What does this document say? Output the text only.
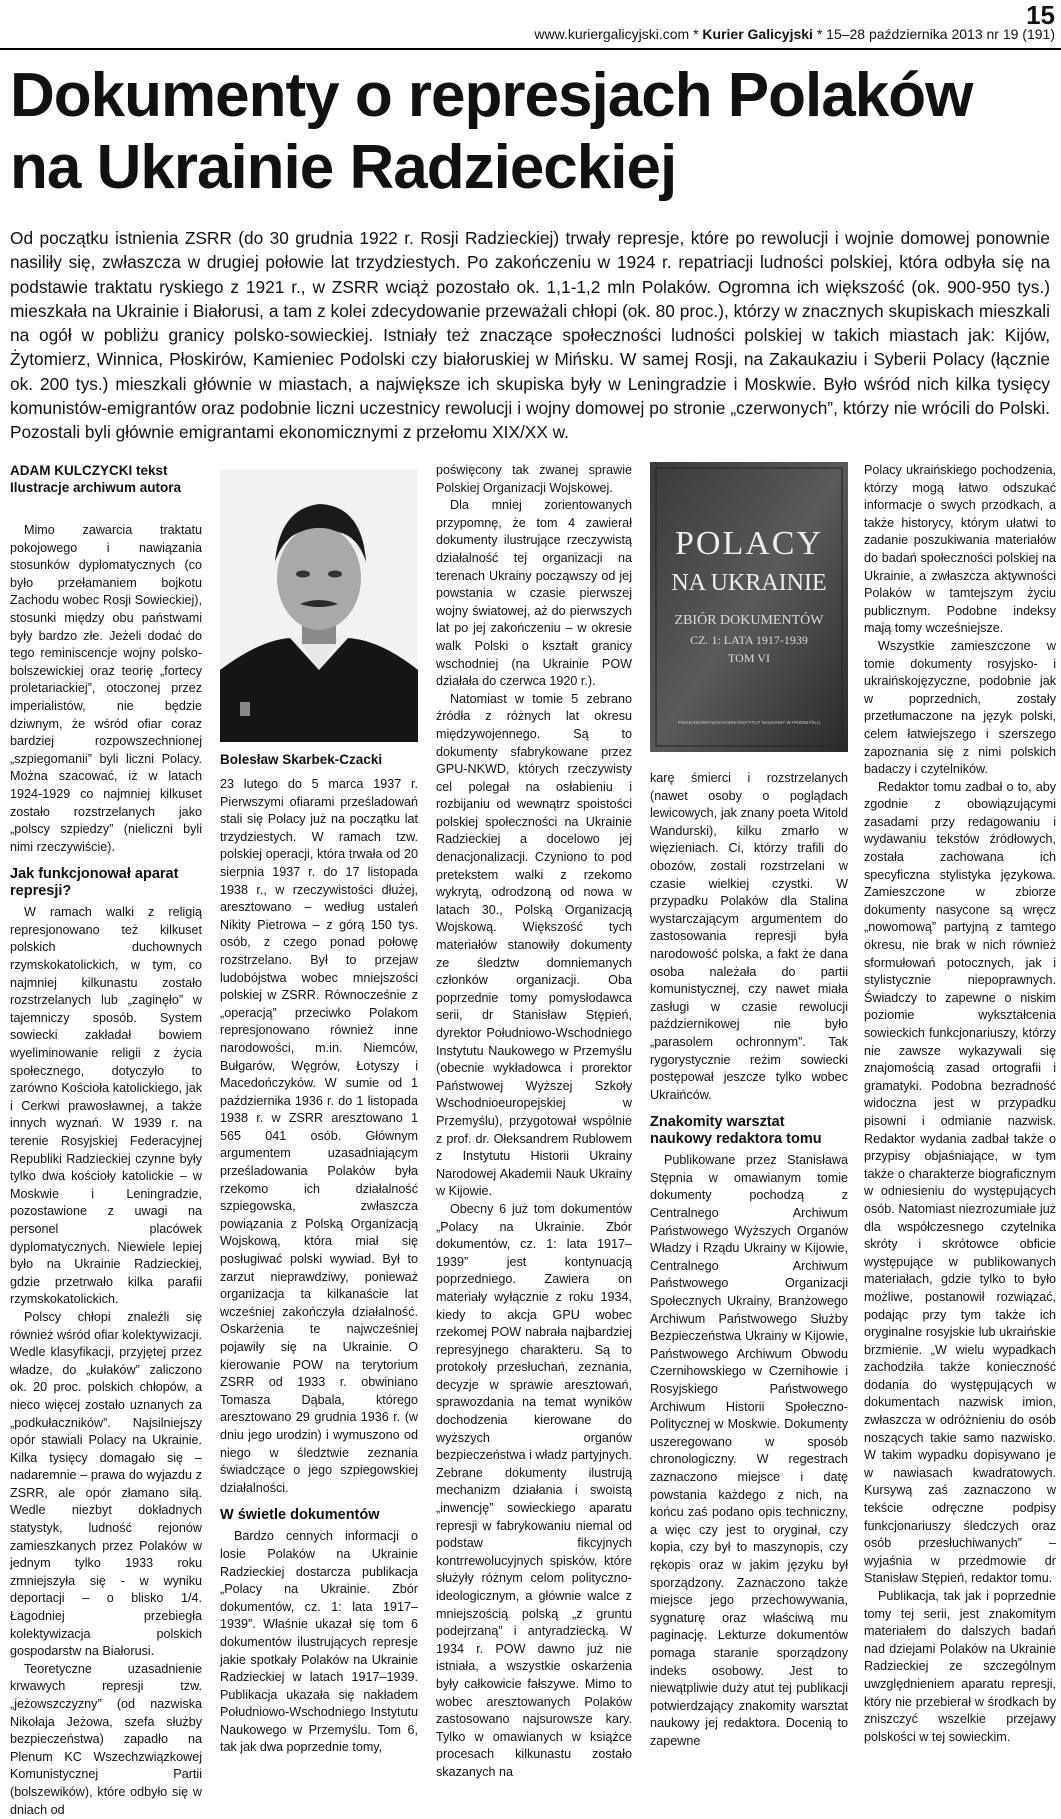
15
www.kuriergalicyjski.com * Kurier Galicyjski * 15–28 października 2013 nr 19 (191)
Dokumenty o represjach Polaków na Ukrainie Radzieckiej

Od początku istnienia ZSRR (do 30 grudnia 1922 r. Rosji Radzieckiej) trwały represje, które po rewolucji i wojnie domowej ponownie nasiliły się, zwłaszcza w drugiej połowie lat trzydziestych. Po zakończeniu w 1924 r. repatriacji ludności polskiej, która odbyła się na podstawie traktatu ryskiego z 1921 r., w ZSRR wciąż pozostało ok. 1,1-1,2 mln Polaków. Ogromna ich większość (ok. 900-950 tys.) mieszkała na Ukrainie i Białorusi, a tam z kolei zdecydowanie przeważali chłopi (ok. 80 proc.), którzy w znacznych skupiskach mieszkali na ogół w pobliżu granicy polsko-sowieckiej. Istniały też znaczące społeczności ludności polskiej w takich miastach jak: Kijów, Żytomierz, Winnica, Płoskirów, Kamieniec Podolski czy białoruskiej w Mińsku. W samej Rosji, na Zakaukaziu i Syberii Polacy (łącznie ok. 200 tys.) mieszkali głównie w miastach, a największe ich skupiska były w Leningradzie i Moskwie. Było wśród nich kilka tysięcy komunistów-emigrantów oraz podobnie liczni uczestnicy rewolucji i wojny domowej po stronie „czerwonych”, którzy nie wrócili do Polski. Pozostali byli głównie emigrantami ekonomicznymi z przełomu XIX/XX w.

ADAM KULCZYCKI tekst
Ilustracje archiwum autora

Mimo zawarcia traktatu pokojowego i nawiązania stosunków dyplomatycznych (co było przełamaniem bojkotu Zachodu wobec Rosji Sowieckiej), stosunki między obu państwami były bardzo złe. Jeżeli dodać do tego reminiscencje wojny polsko-bolszewickiej oraz teorię „fortecy proletariackiej”, otoczonej przez imperialistów, nie będzie dziwnym, że wśród ofiar coraz bardziej rozpowszechnionej „szpiegomanii” byli liczni Polacy. Można szacować, iż w latach 1924-1929 co najmniej kilkuset zostało rozstrzelanych jako „polscy szpiedzy” (nieliczni byli nimi rzeczywiście).

Jak funkcjonował aparat represji?

W ramach walki z religią represjonowano też kilkuset polskich duchownych rzymskokatolickich, w tym, co najmniej kilkunastu zostało rozstrzelanych lub „zaginęło” w tajemniczy sposób. System sowiecki zakładał bowiem wyeliminowanie religii z życia społecznego, dotyczyło to zarówno Kościoła katolickiego, jak i Cerkwi prawosławnej, a także innych wyznań. W 1939 r. na terenie Rosyjskiej Federacyjnej Republiki Radzieckiej czynne były tylko dwa kościoły katolickie – w Moskwie i Leningradzie, pozostawione z uwagi na personel placówek dyplomatycznych. Niewiele lepiej było na Ukrainie Radzieckiej, gdzie przetrwało kilka parafii rzymskokatolickich.

Polscy chłopi znaleźli się również wśród ofiar kolektywizacji. Wedle klasyfikacji, przyjętej przez władze, do „kułaków” zaliczono ok. 20 proc. polskich chłopów, a nieco więcej zostało uznanych za „podkułaczników”. Najsilniejszy opór stawiali Polacy na Ukrainie. Kilka tysięcy domagało się – nadaremnie – prawa do wyjazdu z ZSRR, ale opór złamano siłą. Wedle niezbyt dokładnych statystyk, ludność rejonów zamieszkanych przez Polaków w jednym tylko 1933 roku zmniejszyła się - w wyniku deportacji – o blisko 1/4. Łagodniej przebiegła kolektywizacja polskich gospodarstw na Białorusi.

Teoretyczne uzasadnienie krwawych represji tzw. „jeżowszczyzny” (od nazwiska Nikołaja Jeżowa, szefa służby bezpieczeństwa) zapadło na Plenum KC Wszechzwiązkowej Komunistycznej Partii (bolszewików), które odbyło się w dniach od

Bolesław Skarbek-Czacki

23 lutego do 5 marca 1937 r. Pierwszymi ofiarami prześladowań stali się Polacy już na początku lat trzydziestych. W ramach tzw. polskiej operacji, która trwała od 20 sierpnia 1937 r. do 17 listopada 1938 r., w rzeczywistości dłużej, aresztowano – według ustaleń Nikity Pietrowa – z górą 150 tys. osób, z czego ponad połowę rozstrzelano. Był to przejaw ludobójstwa wobec mniejszości polskiej w ZSRR. Równocześnie z „operacją” przeciwko Polakom represjonowano również inne narodowości, m.in. Niemców, Bułgarów, Węgrów, Łotyszy i Macedończyków. W sumie od 1 października 1936 r. do 1 listopada 1938 r. w ZSRR aresztowano 1 565 041 osób. Głównym argumentem uzasadniającym prześladowania Polaków była rzekomo ich działalność szpiegowska, zwłaszcza powiązania z Polską Organizacją Wojskową, która miał się posługiwać polski wywiad. Był to zarzut nieprawdziwy, ponieważ organizacja ta kilkanaście lat wcześniej zakończyła działalność. Oskarżenia te najwcześniej pojawiły się na Ukrainie. O kierowanie POW na terytorium ZSRR od 1933 r. obwiniano Tomasza Dąbala, którego aresztowano 29 grudnia 1936 r. (w dniu jego urodzin) i wymuszono od niego w śledztwie zeznania świadczące o jego szpiegowskiej działalności.

W świetle dokumentów

Bardzo cennych informacji o losie Polaków na Ukrainie Radzieckiej dostarcza publikacja „Polacy na Ukrainie. Zbór dokumentów, cz. 1: lata 1917–1939”. Właśnie ukazał się tom 6 dokumentów ilustrujących represje jakie spotkały Polaków na Ukrainie Radzieckiej w latach 1917–1939. Publikacja ukazała się nakładem Południowo-Wschodniego Instytutu Naukowego w Przemyślu. Tom 6, tak jak dwa poprzednie tomy,

poświęcony tak zwanej sprawie Polskiej Organizacji Wojskowej.

Dla mniej zorientowanych przypomnę, że tom 4 zawierał dokumenty ilustrujące rzeczywistą działalność tej organizacji na terenach Ukrainy począwszy od jej powstania w czasie pierwszej wojny światowej, aż do pierwszych lat po jej zakończeniu – w okresie walk Polski o kształt granicy wschodniej (na Ukrainie POW działała do czerwca 1920 r.).

Natomiast w tomie 5 zebrano źródła z różnych lat okresu międzywojennego. Są to dokumenty sfabrykowane przez GPU-NKWD, których rzeczywisty cel polegał na osłabieniu i rozbijaniu od wewnątrz spoistości polskiej społeczności na Ukrainie Radzieckiej a docelowo jej denacjonalizacji. Czyniono to pod pretekstem walki z rzekomo wykrytą, odrodzoną od nowa w latach 30., Polską Organizacją Wojskową. Większość tych materiałów stanowiły dokumenty ze śledztw domniemanych członków organizacji. Oba poprzednie tomy pomysłodawca serii, dr Stanisław Stępień, dyrektor Południowo-Wschodniego Instytutu Naukowego w Przemyślu (obecnie wykładowca i prorektor Państwowej Wyższej Szkoły Wschodnioeuropejskiej w Przemyślu), przygotował wspólnie z prof. dr. Ołeksandrem Rublowem z Instytutu Historii Ukrainy Narodowej Akademii Nauk Ukrainy w Kijowie.

Obecny 6 już tom dokumentów „Polacy na Ukrainie. Zbór dokumentów, cz. 1: lata 1917–1939” jest kontynuacją poprzedniego. Zawiera on materiały wyłącznie z roku 1934, kiedy to akcja GPU wobec rzekomej POW nabrała najbardziej represyjnego charakteru. Są to protokoły przesłuchań, zeznania, decyzje w sprawie aresztowań, sprawozdania na temat wyników dochodzenia kierowane do wyższych organów bezpieczeństwa i władz partyjnych. Zebrane dokumenty ilustrują mechanizm działania i swoistą „inwencję” sowieckiego aparatu represji w fabrykowaniu niemal od podstaw fikcyjnych kontrrewolucyjnych spisków, które służyły różnym celom polityczno-ideologicznym, a głównie walce z mniejszością polską „z gruntu podejrzaną” i antyradziecką. W 1934 r. POW dawno już nie istniała, a wszystkie oskarżenia były całkowicie fałszywe. Mimo to wobec aresztowanych Polaków zastosowano najsurowsze kary. Tylko w omawianych w książce procesach kilkunastu zostało skazanych na

POLACY
NA UKRAINIE
ZBIÓR DOKUMENTÓW
CZ. 1: LATA 1917-1939
TOM VI
POŁUDNIOWO-WSCHODNI INSTYTUT NAUKOWY W PRZEMYŚLU

karę śmierci i rozstrzelanych (nawet osoby o poglądach lewicowych, jak znany poeta Witold Wandurski), kilku zmarło w więzieniach. Ci, którzy trafili do obozów, zostali rozstrzelani w czasie wielkiej czystki. W przypadku Polaków dla Stalina wystarczającym argumentem do zastosowania represji była narodowość polska, a fakt że dana osoba należała do partii komunistycznej, czy nawet miała zasługi w czasie rewolucji październikowej nie było „parasolem ochronnym”. Tak rygorystycznie reżim sowiecki postępował jeszcze tylko wobec Ukraińców.

Znakomity warsztat naukowy redaktora tomu

Publikowane przez Stanisława Stępnia w omawianym tomie dokumenty pochodzą z Centralnego Archiwum Państwowego Wyższych Organów Władzy i Rządu Ukrainy w Kijowie, Centralnego Archiwum Państwowego Organizacji Społecznych Ukrainy, Branżowego Archiwum Państwowego Służby Bezpieczeństwa Ukrainy w Kijowie, Państwowego Archiwum Obwodu Czernihowskiego w Czernihowie i Rosyjskiego Państwowego Archiwum Historii Społeczno-Politycznej w Moskwie. Dokumenty uszeregowano w sposób chronologiczny. W regestrach zaznaczono miejsce i datę powstania każdego z nich, na końcu zaś podano opis techniczny, a więc czy jest to oryginał, czy kopia, czy był to maszynopis, czy rękopis oraz w jakim języku był sporządzony. Zaznaczono także miejsce jego przechowywania, sygnaturę oraz właściwą mu paginację. Lekturze dokumentów pomaga staranie sporządzony indeks osobowy. Jest to niewątpliwie duży atut tej publikacji potwierdzający znakomity warsztat naukowy jej redaktora. Docenią to zapewne

Polacy ukraińskiego pochodzenia, którzy mogą łatwo odszukać informacje o swych przodkach, a także historycy, którym ułatwi to zadanie poszukiwania materiałów do badań społeczności polskiej na Ukrainie, a zwłaszcza aktywności Polaków w tamtejszym życiu publicznym. Podobne indeksy mają tomy wcześniejsze.

Wszystkie zamieszczone w tomie dokumenty rosyjsko- i ukraińskojęzyczne, podobnie jak w poprzednich, zostały przetłumaczone na język polski, celem łatwiejszego i szerszego zapoznania się z nimi polskich badaczy i czytelników.

Redaktor tomu zadbał o to, aby zgodnie z obowiązującymi zasadami przy redagowaniu i wydawaniu tekstów źródłowych, została zachowana ich specyficzna stylistyka językowa. Zamieszczone w zbiorze dokumenty nasycone są wręcz „nowomową” partyjną z tamtego okresu, nie brak w nich również sformułowań potocznych, jak i stylistycznie niepoprawnych. Świadczy to zapewne o niskim poziomie wykształcenia sowieckich funkcjonariuszy, którzy nie zawsze wykazywali się znajomością zasad ortografii i gramatyki. Podobna bezradność widoczna jest w przypadku pisowni i odmianie nazwisk. Redaktor wydania zadbał także o przypisy objaśniające, w tym także o charakterze biograficznym w odniesieniu do występujących osób. Natomiast niezrozumiałe już dla współczesnego czytelnika skróty i skrótowce obficie występujące w publikowanych materiałach, gdzie tylko to było możliwe, postanowił rozwiązać, podając przy tym także ich oryginalne rosyjskie lub ukraińskie brzmienie. „W wielu wypadkach zachodziła także konieczność dodania do występujących w dokumentach nazwisk imion, zwłaszcza w odróżnieniu do osób noszących takie samo nazwisko. W takim wypadku dopisywano je w nawiasach kwadratowych. Kursywą zaś zaznaczono w tekście odręczne podpisy funkcjonariuszy śledczych oraz osób przesłuchiwanych” – wyjaśnia w przedmowie dr Stanisław Stępień, redaktor tomu.

Publikacja, tak jak i poprzednie tomy tej serii, jest znakomitym materiałem do dalszych badań nad dziejami Polaków na Ukrainie Radzieckiej ze szczególnym uwzględnieniem aparatu represji, który nie przebierał w środkach by zniszczyć wszelkie przejawy polskości w tej sowieckim.
